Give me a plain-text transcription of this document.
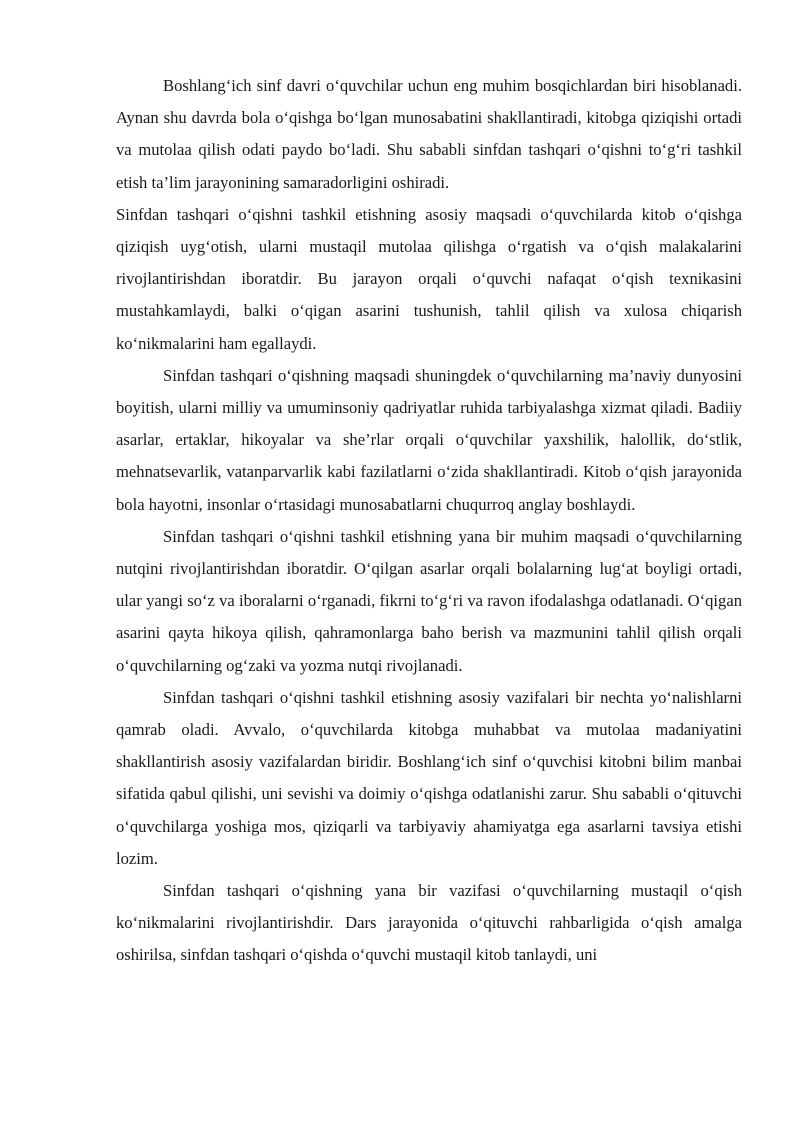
Boshlang‘ich sinf davri o‘quvchilar uchun eng muhim bosqichlardan biri hisoblanadi. Aynan shu davrda bola o‘qishga bo‘lgan munosabatini shakllantiradi, kitobga qiziqishi ortadi va mutolaa qilish odati paydo bo‘ladi. Shu sababli sinfdan tashqari o‘qishni to‘g‘ri tashkil etish ta’lim jarayonining samaradorligini oshiradi.

Sinfdan tashqari o‘qishni tashkil etishning asosiy maqsadi o‘quvchilarda kitob o‘qishga qiziqish uyg‘otish, ularni mustaqil mutolaa qilishga o‘rgatish va o‘qish malakalarini rivojlantirishdan iboratdir. Bu jarayon orqali o‘quvchi nafaqat o‘qish texnikasini mustahkamlaydi, balki o‘qigan asarini tushunish, tahlil qilish va xulosa chiqarish ko‘nikmalarini ham egallaydi.

Sinfdan tashqari o‘qishning maqsadi shuningdek o‘quvchilarning ma’naviy dunyosini boyitish, ularni milliy va umuminsoniy qadriyatlar ruhida tarbiyalashga xizmat qiladi. Badiiy asarlar, ertaklar, hikoyalar va she’rlar orqali o‘quvchilar yaxshilik, halollik, do‘stlik, mehnatsevarlik, vatanparvarlik kabi fazilatlarni o‘zida shakllantiradi. Kitob o‘qish jarayonida bola hayotni, insonlar o‘rtasidagi munosabatlarni chuqurroq anglay boshlaydi.

Sinfdan tashqari o‘qishni tashkil etishning yana bir muhim maqsadi o‘quvchilarning nutqini rivojlantirishdan iboratdir. O‘qilgan asarlar orqali bolalarning lug‘at boyligi ortadi, ular yangi so‘z va iboralarni o‘rganadi, fikrni to‘g‘ri va ravon ifodalashga odatlanadi. O‘qigan asarini qayta hikoya qilish, qahramonlarga baho berish va mazmunini tahlil qilish orqali o‘quvchilarning og‘zaki va yozma nutqi rivojlanadi.

Sinfdan tashqari o‘qishni tashkil etishning asosiy vazifalari bir nechta yo‘nalishlarni qamrab oladi. Avvalo, o‘quvchilarda kitobga muhabbat va mutolaa madaniyatini shakllantirish asosiy vazifalardan biridir. Boshlang‘ich sinf o‘quvchisi kitobni bilim manbai sifatida qabul qilishi, uni sevishi va doimiy o‘qishga odatlanishi zarur. Shu sababli o‘qituvchi o‘quvchilarga yoshiga mos, qiziqarli va tarbiyaviy ahamiyatga ega asarlarni tavsiya etishi lozim.

Sinfdan tashqari o‘qishning yana bir vazifasi o‘quvchilarning mustaqil o‘qish ko‘nikmalarini rivojlantirishdir. Dars jarayonida o‘qituvchi rahbarligida o‘qish amalga oshirilsa, sinfdan tashqari o‘qishda o‘quvchi mustaqil kitob tanlaydi, uni
